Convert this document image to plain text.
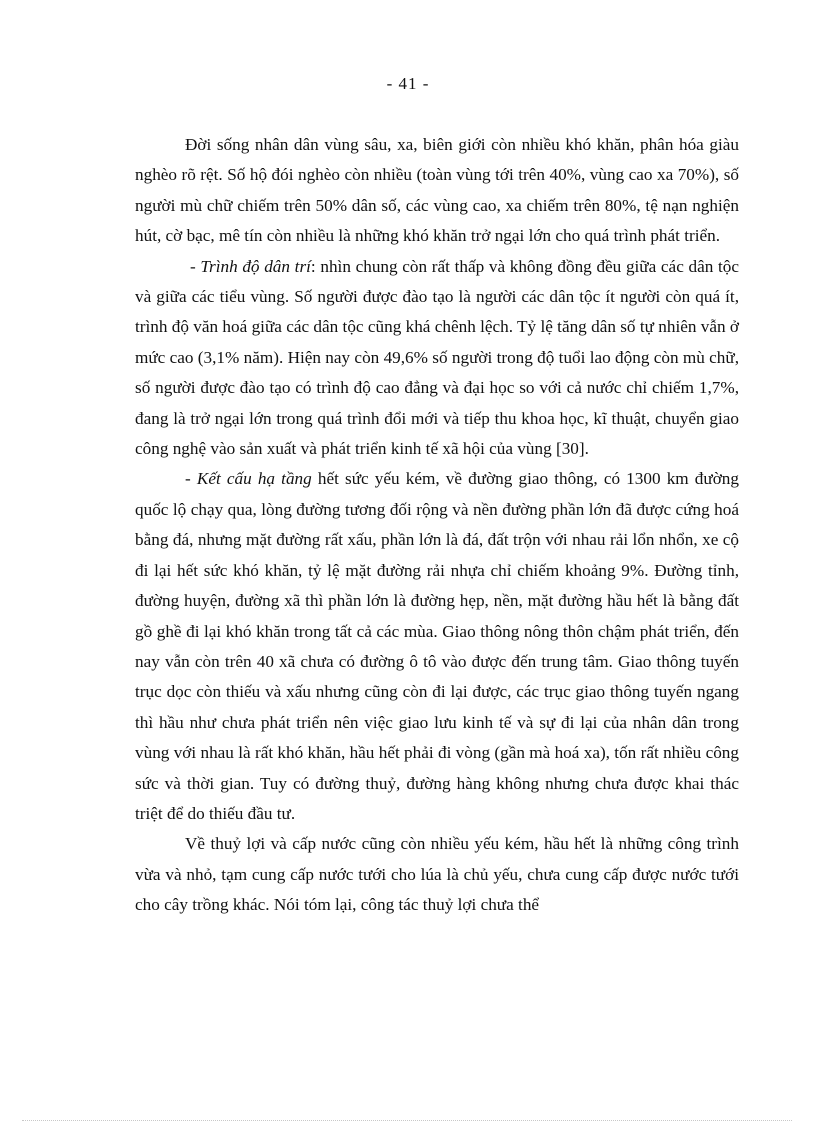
- 41 -

Đời sống nhân dân vùng sâu, xa, biên giới còn nhiều khó khăn, phân hóa giàu nghèo rõ rệt. Số hộ đói nghèo còn nhiều (toàn vùng tới trên 40%, vùng cao xa 70%), số người mù chữ chiếm trên 50% dân số, các vùng cao, xa chiếm trên 80%, tệ nạn nghiện hút, cờ bạc, mê tín còn nhiều là những khó khăn trở ngại lớn cho quá trình phát triển.

- Trình độ dân trí: nhìn chung còn rất thấp và không đồng đều giữa các dân tộc và giữa các tiểu vùng. Số người được đào tạo là người các dân tộc ít người còn quá ít, trình độ văn hoá giữa các dân tộc cũng khá chênh lệch. Tỷ lệ tăng dân số tự nhiên vẫn ở mức cao (3,1% năm). Hiện nay còn 49,6% số người trong độ tuổi lao động còn mù chữ, số người được đào tạo có trình độ cao đẳng và đại học so với cả nước chỉ chiếm 1,7%, đang là trở ngại lớn trong quá trình đổi mới và tiếp thu khoa học, kĩ thuật, chuyển giao công nghệ vào sản xuất và phát triển kinh tế xã hội của vùng [30].

- Kết cấu hạ tầng hết sức yếu kém, về đường giao thông, có 1300 km đường quốc lộ chạy qua, lòng đường tương đối rộng và nền đường phần lớn đã được cứng hoá bằng đá, nhưng mặt đường rất xấu, phần lớn là đá, đất trộn với nhau rải lổn nhổn, xe cộ đi lại hết sức khó khăn, tỷ lệ mặt đường rải nhựa chỉ chiếm khoảng 9%. Đường tỉnh, đường huyện, đường xã thì phần lớn là đường hẹp, nền, mặt đường hầu hết là bằng đất gồ ghề đi lại khó khăn trong tất cả các mùa. Giao thông nông thôn chậm phát triển, đến nay vẫn còn trên 40 xã chưa có đường ô tô vào được đến trung tâm. Giao thông tuyến trục dọc còn thiếu và xấu nhưng cũng còn đi lại được, các trục giao thông tuyến ngang thì hầu như chưa phát triển nên việc giao lưu kinh tế và sự đi lại của nhân dân trong vùng với nhau là rất khó khăn, hầu hết phải đi vòng (gần mà hoá xa), tốn rất nhiều công sức và thời gian. Tuy có đường thuỷ, đường hàng không nhưng chưa được khai thác triệt để do thiếu đầu tư.

Về thuỷ lợi và cấp nước cũng còn nhiều yếu kém, hầu hết là những công trình vừa và nhỏ, tạm cung cấp nước tưới cho lúa là chủ yếu, chưa cung cấp được nước tưới cho cây trồng khác. Nói tóm lại, công tác thuỷ lợi chưa thể
